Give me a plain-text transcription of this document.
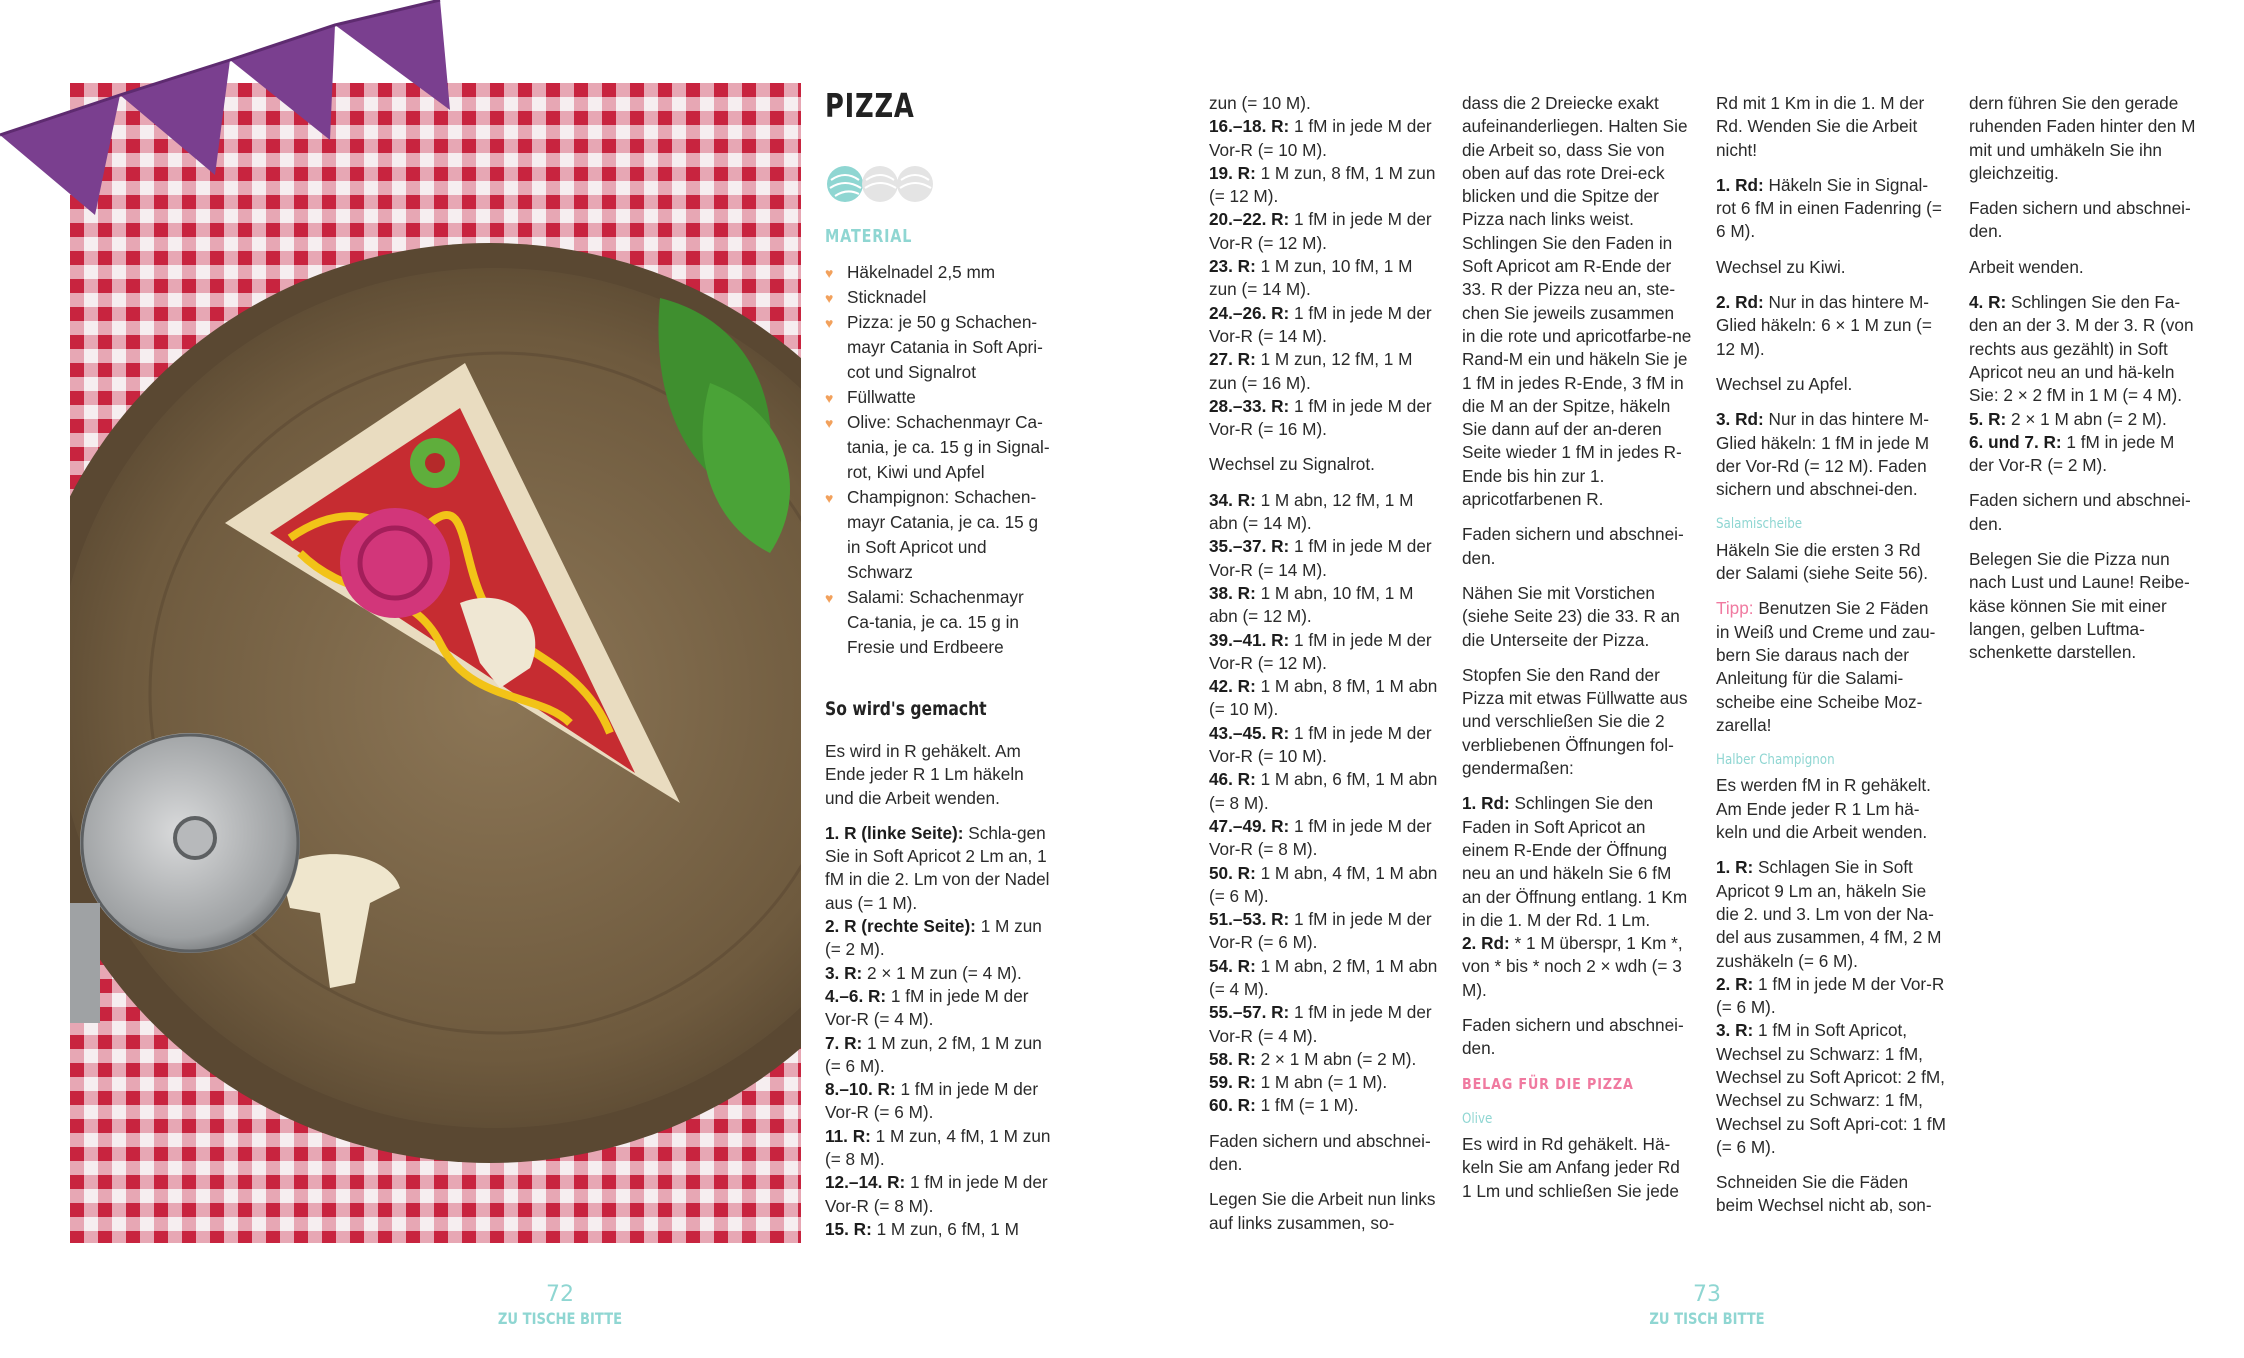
PIZZA
MATERIAL
♥ Häkelnadel 2,5 mm
♥ Sticknadel
♥ Pizza: je 50 g Schachen-mayr Catania in Soft Apri-cot und Signalrot
♥ Füllwatte
♥ Olive: Schachenmayr Ca-tania, je ca. 15 g in Signal-rot, Kiwi und Apfel
♥ Champignon: Schachen-mayr Catania, je ca. 15 g in Soft Apricot und Schwarz
♥ Salami: Schachenmayr Ca-tania, je ca. 15 g in Fresie und Erdbeere
So wird's gemacht

Es wird in R gehäkelt. Am Ende jeder R 1 Lm häkeln und die Arbeit wenden.

1. R (linke Seite): Schla-gen Sie in Soft Apricot 2 Lm an, 1 fM in die 2. Lm von der Nadel aus (= 1 M).
2. R (rechte Seite): 1 M zun (= 2 M).
3. R: 2 × 1 M zun (= 4 M).
4.–6. R: 1 fM in jede M der Vor-R (= 4 M).
7. R: 1 M zun, 2 fM, 1 M zun (= 6 M).
8.–10. R: 1 fM in jede M der Vor-R (= 6 M).
11. R: 1 M zun, 4 fM, 1 M zun (= 8 M).
12.–14. R: 1 fM in jede M der Vor-R (= 8 M).
15. R: 1 M zun, 6 fM, 1 M
zun (= 10 M).
16.–18. R: 1 fM in jede M der Vor-R (= 10 M).
19. R: 1 M zun, 8 fM, 1 M zun (= 12 M).
20.–22. R: 1 fM in jede M der Vor-R (= 12 M).
23. R: 1 M zun, 10 fM, 1 M zun (= 14 M).
24.–26. R: 1 fM in jede M der Vor-R (= 14 M).
27. R: 1 M zun, 12 fM, 1 M zun (= 16 M).
28.–33. R: 1 fM in jede M der Vor-R (= 16 M).

Wechsel zu Signalrot.

34. R: 1 M abn, 12 fM, 1 M abn (= 14 M).
35.–37. R: 1 fM in jede M der Vor-R (= 14 M).
38. R: 1 M abn, 10 fM, 1 M abn (= 12 M).
39.–41. R: 1 fM in jede M der Vor-R (= 12 M).
42. R: 1 M abn, 8 fM, 1 M abn (= 10 M).
43.–45. R: 1 fM in jede M der Vor-R (= 10 M).
46. R: 1 M abn, 6 fM, 1 M abn (= 8 M).
47.–49. R: 1 fM in jede M der Vor-R (= 8 M).
50. R: 1 M abn, 4 fM, 1 M abn (= 6 M).
51.–53. R: 1 fM in jede M der Vor-R (= 6 M).
54. R: 1 M abn, 2 fM, 1 M abn (= 4 M).
55.–57. R: 1 fM in jede M der Vor-R (= 4 M).
58. R: 2 × 1 M abn (= 2 M).
59. R: 1 M abn (= 1 M).
60. R: 1 fM (= 1 M).

Faden sichern und abschnei-den.

Legen Sie die Arbeit nun links auf links zusammen, so-

dass die 2 Dreiecke exakt aufeinanderliegen. Halten Sie die Arbeit so, dass Sie von oben auf das rote Drei-eck blicken und die Spitze der Pizza nach links weist. Schlingen Sie den Faden in Soft Apricot am R-Ende der 33. R der Pizza neu an, ste-chen Sie jeweils zusammen in die rote und apricotfarbe-ne Rand-M ein und häkeln Sie je 1 fM in jedes R-Ende, 3 fM in die M an der Spitze, häkeln Sie dann auf der an-deren Seite wieder 1 fM in jedes R-Ende bis hin zur 1. apricotfarbenen R.

Faden sichern und abschnei-den.

Nähen Sie mit Vorstichen (siehe Seite 23) die 33. R an die Unterseite der Pizza.

Stopfen Sie den Rand der Pizza mit etwas Füllwatte aus und verschließen Sie die 2 verbliebenen Öffnungen fol-gendermaßen:

1. Rd: Schlingen Sie den Faden in Soft Apricot an einem R-Ende der Öffnung neu an und häkeln Sie 6 fM an der Öffnung entlang. 1 Km in die 1. M der Rd. 1 Lm.
2. Rd: * 1 M überspr, 1 Km *, von * bis * noch 2 × wdh (= 3 M).

Faden sichern und abschnei-den.

BELAG FÜR DIE PIZZA
Olive

Es wird in Rd gehäkelt. Hä-keln Sie am Anfang jeder Rd 1 Lm und schließen Sie jede

Rd mit 1 Km in die 1. M der Rd. Wenden Sie die Arbeit nicht!

1. Rd: Häkeln Sie in Signal-rot 6 fM in einen Fadenring (= 6 M).

Wechsel zu Kiwi.

2. Rd: Nur in das hintere M-Glied häkeln: 6 × 1 M zun (= 12 M).

Wechsel zu Apfel.

3. Rd: Nur in das hintere M-Glied häkeln: 1 fM in jede M der Vor-Rd (= 12 M). Faden sichern und abschnei-den.

Salamischeibe

Häkeln Sie die ersten 3 Rd der Salami (siehe Seite 56).

Tipp: Benutzen Sie 2 Fäden in Weiß und Creme und zau-bern Sie daraus nach der Anleitung für die Salami-scheibe eine Scheibe Moz-zarella!

Halber Champignon

Es werden fM in R gehäkelt. Am Ende jeder R 1 Lm hä-keln und die Arbeit wenden.

1. R: Schlagen Sie in Soft Apricot 9 Lm an, häkeln Sie die 2. und 3. Lm von der Na-del aus zusammen, 4 fM, 2 M zushäkeln (= 6 M).
2. R: 1 fM in jede M der Vor-R (= 6 M).
3. R: 1 fM in Soft Apricot, Wechsel zu Schwarz: 1 fM, Wechsel zu Soft Apricot: 2 fM, Wechsel zu Schwarz: 1 fM, Wechsel zu Soft Apri-cot: 1 fM (= 6 M).

Schneiden Sie die Fäden beim Wechsel nicht ab, son-

dern führen Sie den gerade ruhenden Faden hinter den M mit und umhäkeln Sie ihn gleichzeitig.

Faden sichern und abschnei-den.

Arbeit wenden.

4. R: Schlingen Sie den Fa-den an der 3. M der 3. R (von rechts aus gezählt) in Soft Apricot neu an und hä-keln Sie: 2 × 2 fM in 1 M (= 4 M).
5. R: 2 × 1 M abn (= 2 M).
6. und 7. R: 1 fM in jede M der Vor-R (= 2 M).

Faden sichern und abschnei-den.

Belegen Sie die Pizza nun nach Lust und Laune! Reibe-käse können Sie mit einer langen, gelben Luftma-schenkette darstellen.

72
ZU TISCHE BITTE
73
ZU TISCH BITTE
